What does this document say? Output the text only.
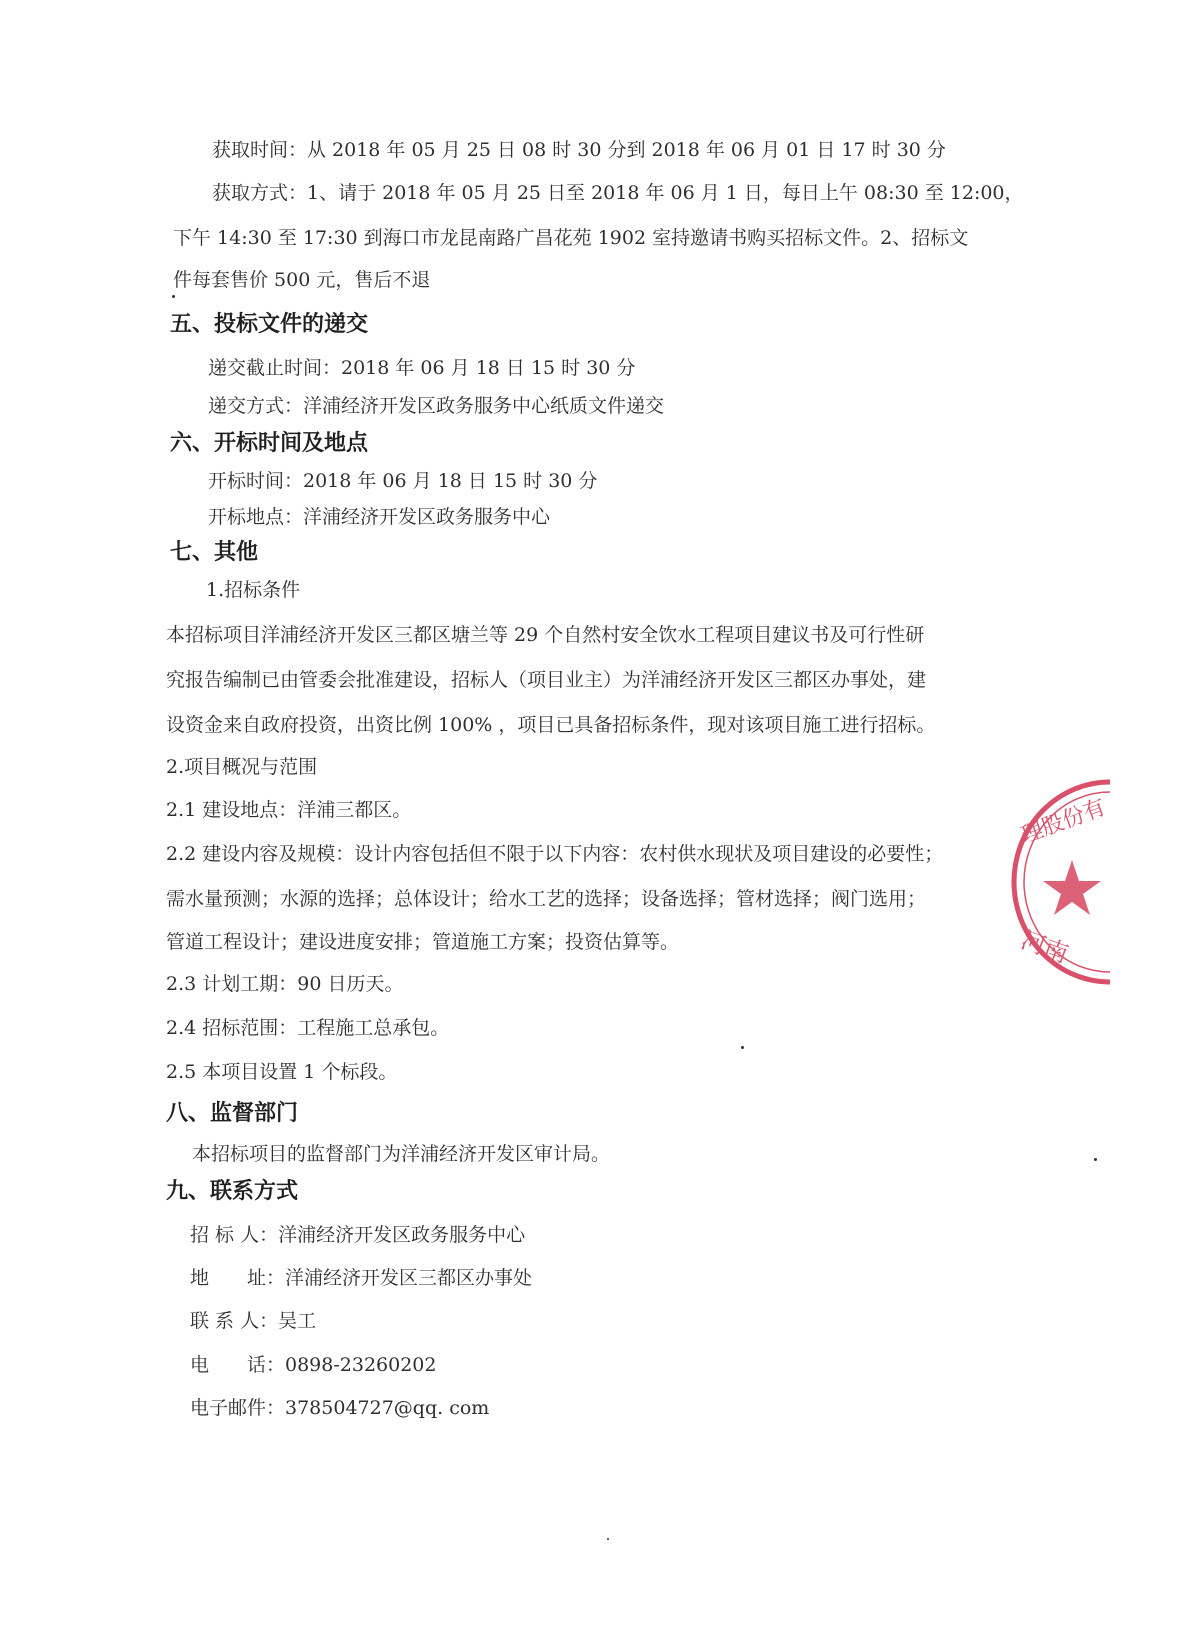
获取时间：从 2018 年 05 月 25 日 08 时 30 分到 2018 年 06 月 01 日 17 时 30 分
获取方式：1、请于 2018 年 05 月 25 日至 2018 年 06 月 1 日，每日上午 08:30 至 12:00，
下午 14:30 至 17:30 到海口市龙昆南路广昌花苑 1902 室持邀请书购买招标文件。2、招标文
件每套售价 500 元，售后不退
五、投标文件的递交
递交截止时间：2018 年 06 月 18 日 15 时 30 分
递交方式：洋浦经济开发区政务服务中心纸质文件递交
六、开标时间及地点
开标时间：2018 年 06 月 18 日 15 时 30 分
开标地点：洋浦经济开发区政务服务中心
七、其他
1.招标条件
本招标项目洋浦经济开发区三都区塘兰等 29 个自然村安全饮水工程项目建议书及可行性研
究报告编制已由管委会批准建设，招标人（项目业主）为洋浦经济开发区三都区办事处，建
设资金来自政府投资，出资比例 100% ，项目已具备招标条件，现对该项目施工进行招标。
2.项目概况与范围
2.1 建设地点：洋浦三都区。
2.2 建设内容及规模：设计内容包括但不限于以下内容：农村供水现状及项目建设的必要性；
需水量预测；水源的选择；总体设计；给水工艺的选择；设备选择；管材选择；阀门选用；
管道工程设计；建设进度安排；管道施工方案；投资估算等。
2.3 计划工期：90 日历天。
2.4 招标范围：工程施工总承包。
2.5 本项目设置 1 个标段。
八、监督部门
本招标项目的监督部门为洋浦经济开发区审计局。
九、联系方式
招 标 人：洋浦经济开发区政务服务中心
地　　址：洋浦经济开发区三都区办事处
联 系 人：吴工
电　　话：0898-23260202
电子邮件：378504727@qq. com
理股份有
河南
